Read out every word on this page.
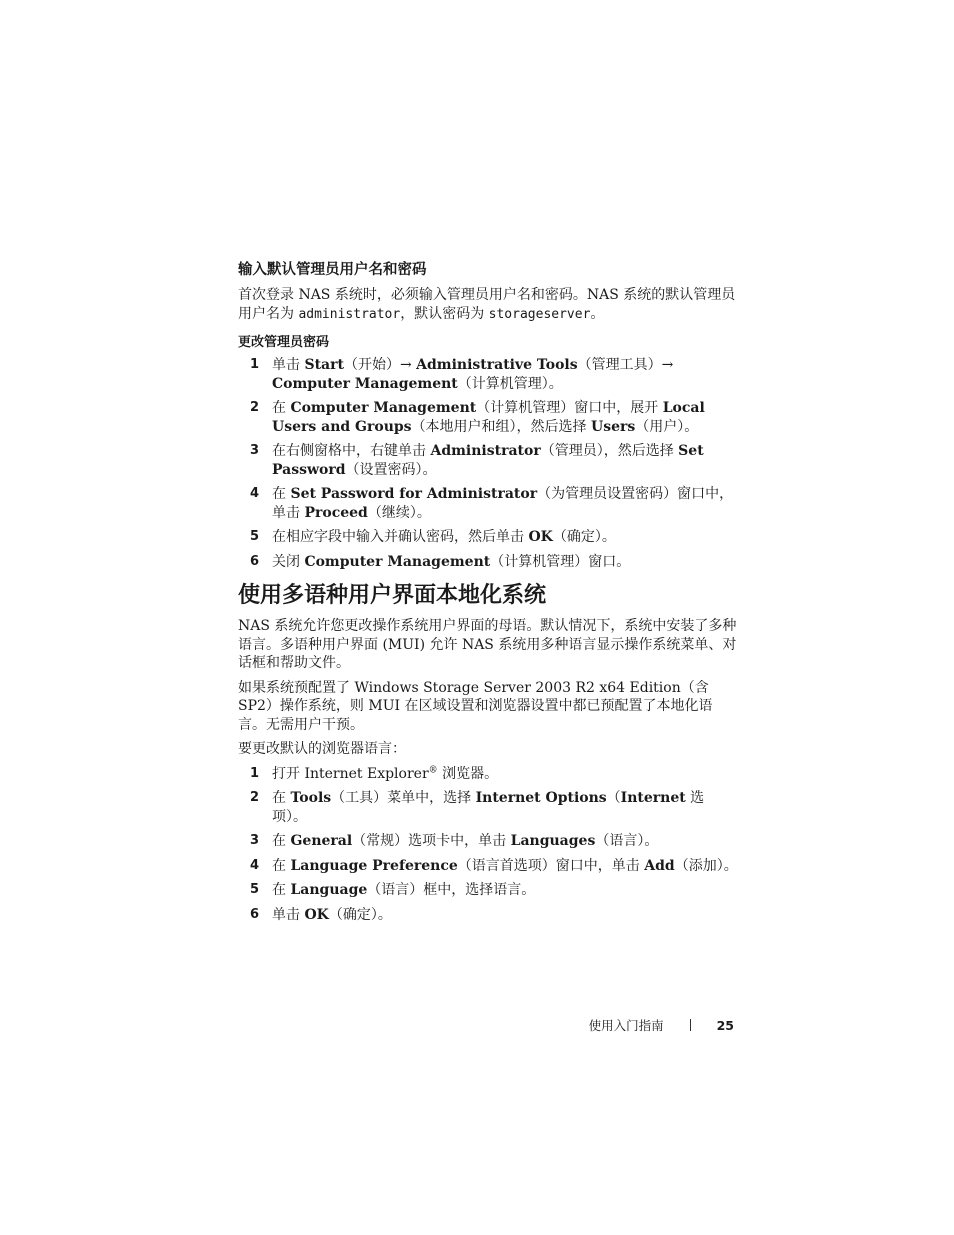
输入默认管理员用户名和密码

首次登录 NAS 系统时，必须输入管理员用户名和密码。NAS 系统的默认管理员用户名为 administrator，默认密码为 storageserver。

更改管理员密码
1 单击 Start（开始）→ Administrative Tools（管理工具）→ Computer Management（计算机管理）。
2 在 Computer Management（计算机管理）窗口中，展开 Local Users and Groups（本地用户和组），然后选择 Users（用户）。
3 在右侧窗格中，右键单击 Administrator（管理员），然后选择 Set Password（设置密码）。
4 在 Set Password for Administrator（为管理员设置密码）窗口中，单击 Proceed（继续）。
5 在相应字段中输入并确认密码，然后单击 OK（确定）。
6 关闭 Computer Management（计算机管理）窗口。
使用多语种用户界面本地化系统

NAS 系统允许您更改操作系统用户界面的母语。默认情况下，系统中安装了多种语言。多语种用户界面 (MUI) 允许 NAS 系统用多种语言显示操作系统菜单、对话框和帮助文件。

如果系统预配置了 Windows Storage Server 2003 R2 x64 Edition（含 SP2）操作系统，则 MUI 在区域设置和浏览器设置中都已预配置了本地化语言。无需用户干预。

要更改默认的浏览器语言：

1 打开 Internet Explorer® 浏览器。
2 在 Tools（工具）菜单中，选择 Internet Options（Internet 选项）。
3 在 General（常规）选项卡中，单击 Languages（语言）。
4 在 Language Preference（语言首选项）窗口中，单击 Add（添加）。
5 在 Language（语言）框中，选择语言。
6 单击 OK（确定）。
使用入门指南	25
